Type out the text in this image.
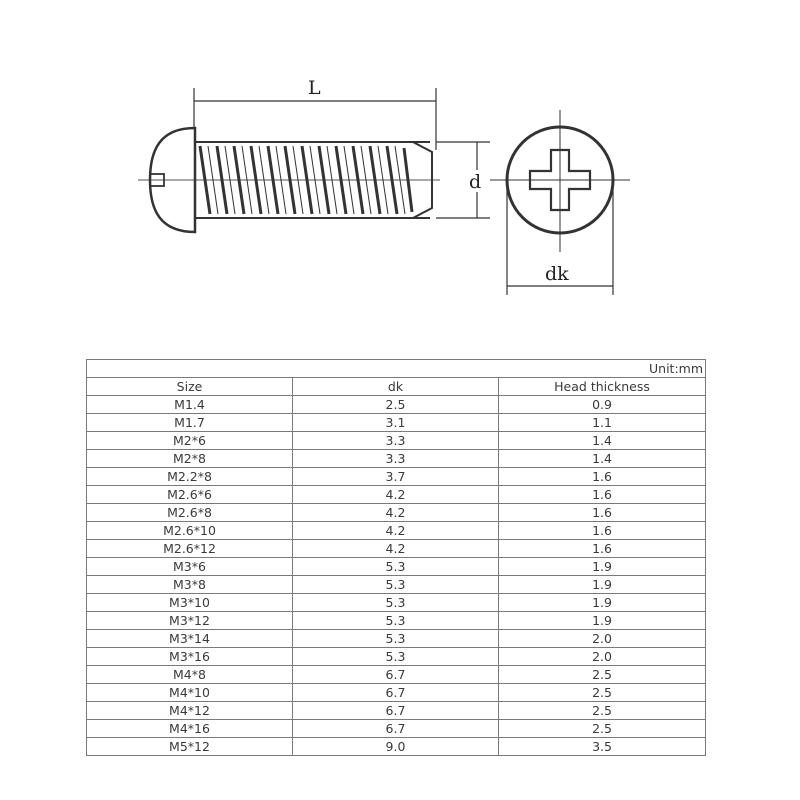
L
d
dk
Unit:mm		
Size	dk	Head thickness
M1.4	2.5	0.9
M1.7	3.1	1.1
M2*6	3.3	1.4
M2*8	3.3	1.4
M2.2*8	3.7	1.6
M2.6*6	4.2	1.6
M2.6*8	4.2	1.6
M2.6*10	4.2	1.6
M2.6*12	4.2	1.6
M3*6	5.3	1.9
M3*8	5.3	1.9
M3*10	5.3	1.9
M3*12	5.3	1.9
M3*14	5.3	2.0
M3*16	5.3	2.0
M4*8	6.7	2.5
M4*10	6.7	2.5
M4*12	6.7	2.5
M4*16	6.7	2.5
M5*12	9.0	3.5
